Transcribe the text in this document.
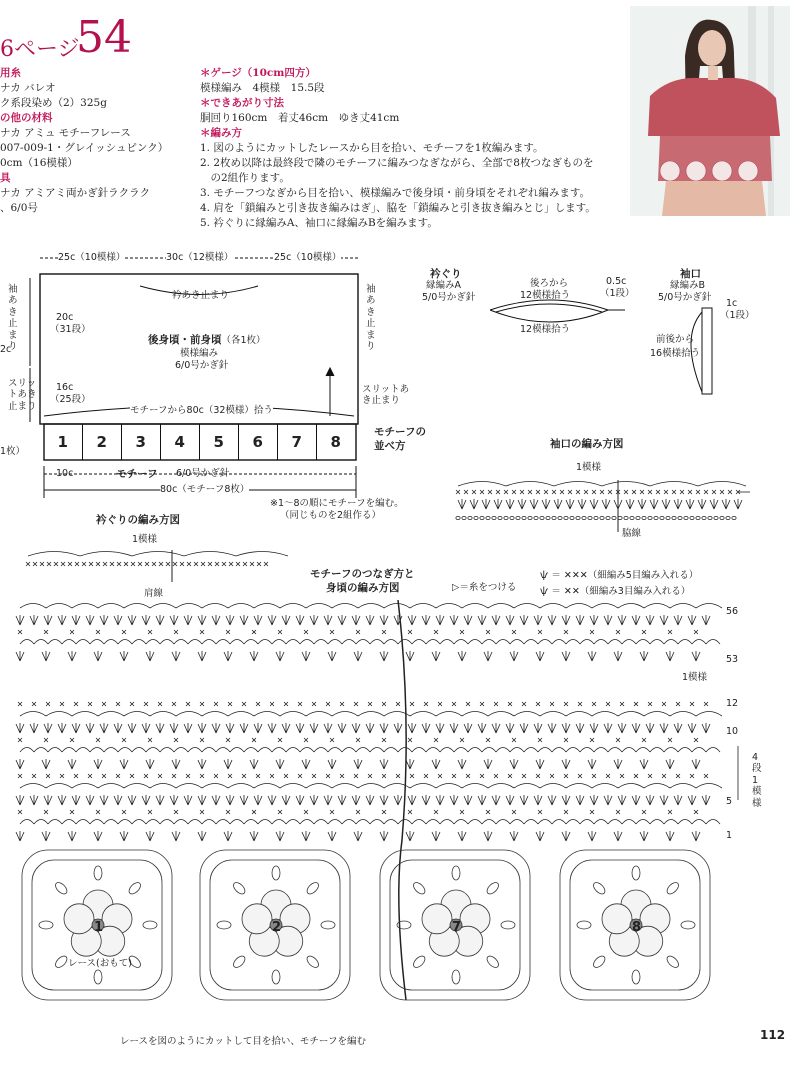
6ページ
54
用糸
ナカ バレオ
ク系段染め（2）325g
の他の材料
ナカ アミュ モチーフレース
007-009-1・グレイッシュピンク）
0cm（16模様）
具
ナカ アミアミ両かぎ針ラクラク
、6/0号
＊ゲージ（10cm四方）
模様編み　4模様　15.5段
＊できあがり寸法
胴回り160cm　着丈46cm　ゆき丈41cm
＊編み方
1. 図のようにカットしたレースから目を拾い、モチーフを1枚編みます。
2. 2枚め以降は最終段で隣のモチーフに編みつなぎながら、全部で8枚つなぎものを
　の2組作ります。
3. モチーフつなぎから目を拾い、模様編みで後身頃・前身頃をそれぞれ編みます。
4. 肩を「鎖編みと引き抜き編みはぎ」、脇を「鎖編みと引き抜き編みとじ」します。
5. 衿ぐりに縁編みA、袖口に縁編みBを編みます。
25c（10模様）	30c（12模様）	25c（10模様）
衿あき止まり
袖あき止まり
袖あき止まり
20c
（31段）
16c
（25段）
スリットあき止まり
スリットあき止まり
後身頃・前身頃（各1枚）
模様編み
6/0号かぎ針
モチーフから80c（32模様）拾う
2c
1枚）
1	2	3	4	5	6	7	8
モチーフの並べ方
10c	モチーフ 6/0号かぎ針
80c（モチーフ8枚）
※1～8の順にモチーフを編む。
（同じものを2組作る）
衿ぐり
縁編みA
5/0号かぎ針
後ろから
12模様拾う
12模様拾う
0.5c
（1段）
袖口
縁編みB
5/0号かぎ針
1c
（1段）
前後から
16模様拾う
袖口の編み方図
1模様
脇線
衿ぐりの編み方図
1模様
肩線
モチーフのつなぎ方と
身頃の編み方図	▷＝糸をつける
ѱ ＝ ✕✕✕（細編み5目編み入れる）
ѱ ＝ ✕✕（細編み3目編み入れる）
56
53
1模様
12
10
4段1模様
5
1
1	2	7	8
レース(おもて)
レースを図のようにカットして目を拾い、モチーフを編む	112
